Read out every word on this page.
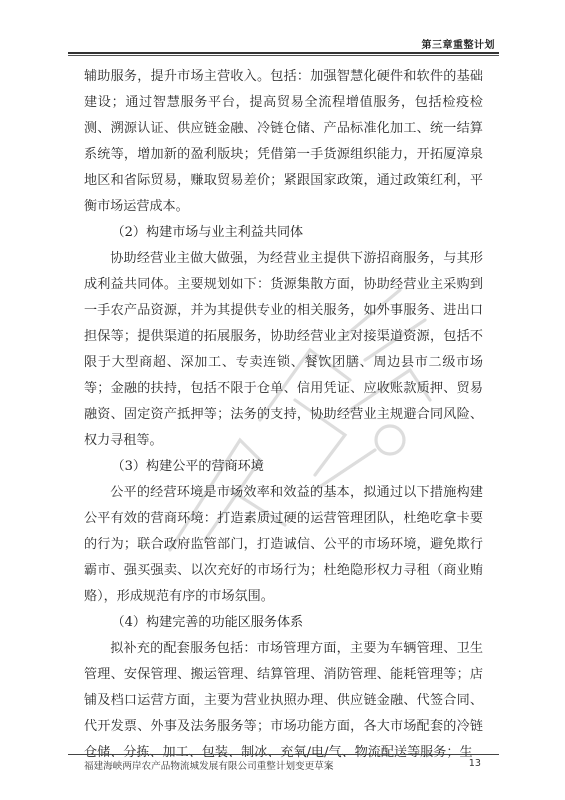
第三章重整计划

辅助服务，提升市场主营收入。包括：加强智慧化硬件和软件的基础建设；通过智慧服务平台，提高贸易全流程增值服务，包括检疫检测、溯源认证、供应链金融、冷链仓储、产品标准化加工、统一结算系统等，增加新的盈利版块；凭借第一手货源组织能力，开拓厦漳泉地区和省际贸易，赚取贸易差价；紧跟国家政策，通过政策红利，平衡市场运营成本。

（2）构建市场与业主利益共同体

协助经营业主做大做强，为经营业主提供下游招商服务，与其形成利益共同体。主要规划如下：货源集散方面，协助经营业主采购到一手农产品资源，并为其提供专业的相关服务，如外事服务、进出口担保等；提供渠道的拓展服务，协助经营业主对接渠道资源，包括不限于大型商超、深加工、专卖连锁、餐饮团膳、周边县市二级市场等；金融的扶持，包括不限于仓单、信用凭证、应收账款质押、贸易融资、固定资产抵押等；法务的支持，协助经营业主规避合同风险、权力寻租等。

（3）构建公平的营商环境

公平的经营环境是市场效率和效益的基本，拟通过以下措施构建公平有效的营商环境：打造素质过硬的运营管理团队，杜绝吃拿卡要的行为；联合政府监管部门，打造诚信、公平的市场环境，避免欺行霸市、强买强卖、以次充好的市场行为；杜绝隐形权力寻租（商业贿赂），形成规范有序的市场氛围。

（4）构建完善的功能区服务体系

拟补充的配套服务包括：市场管理方面，主要为车辆管理、卫生管理、安保管理、搬运管理、结算管理、消防管理、能耗管理等；店铺及档口运营方面，主要为营业执照办理、供应链金融、代签合同、代开发票、外事及法务服务等；市场功能方面，各大市场配套的冷链仓储、分拣、加工、包装、制冰、充氧/电/气、物流配送等服务；生

福建海峡两岸农产品物流城发展有限公司重整计划变更草案	13
